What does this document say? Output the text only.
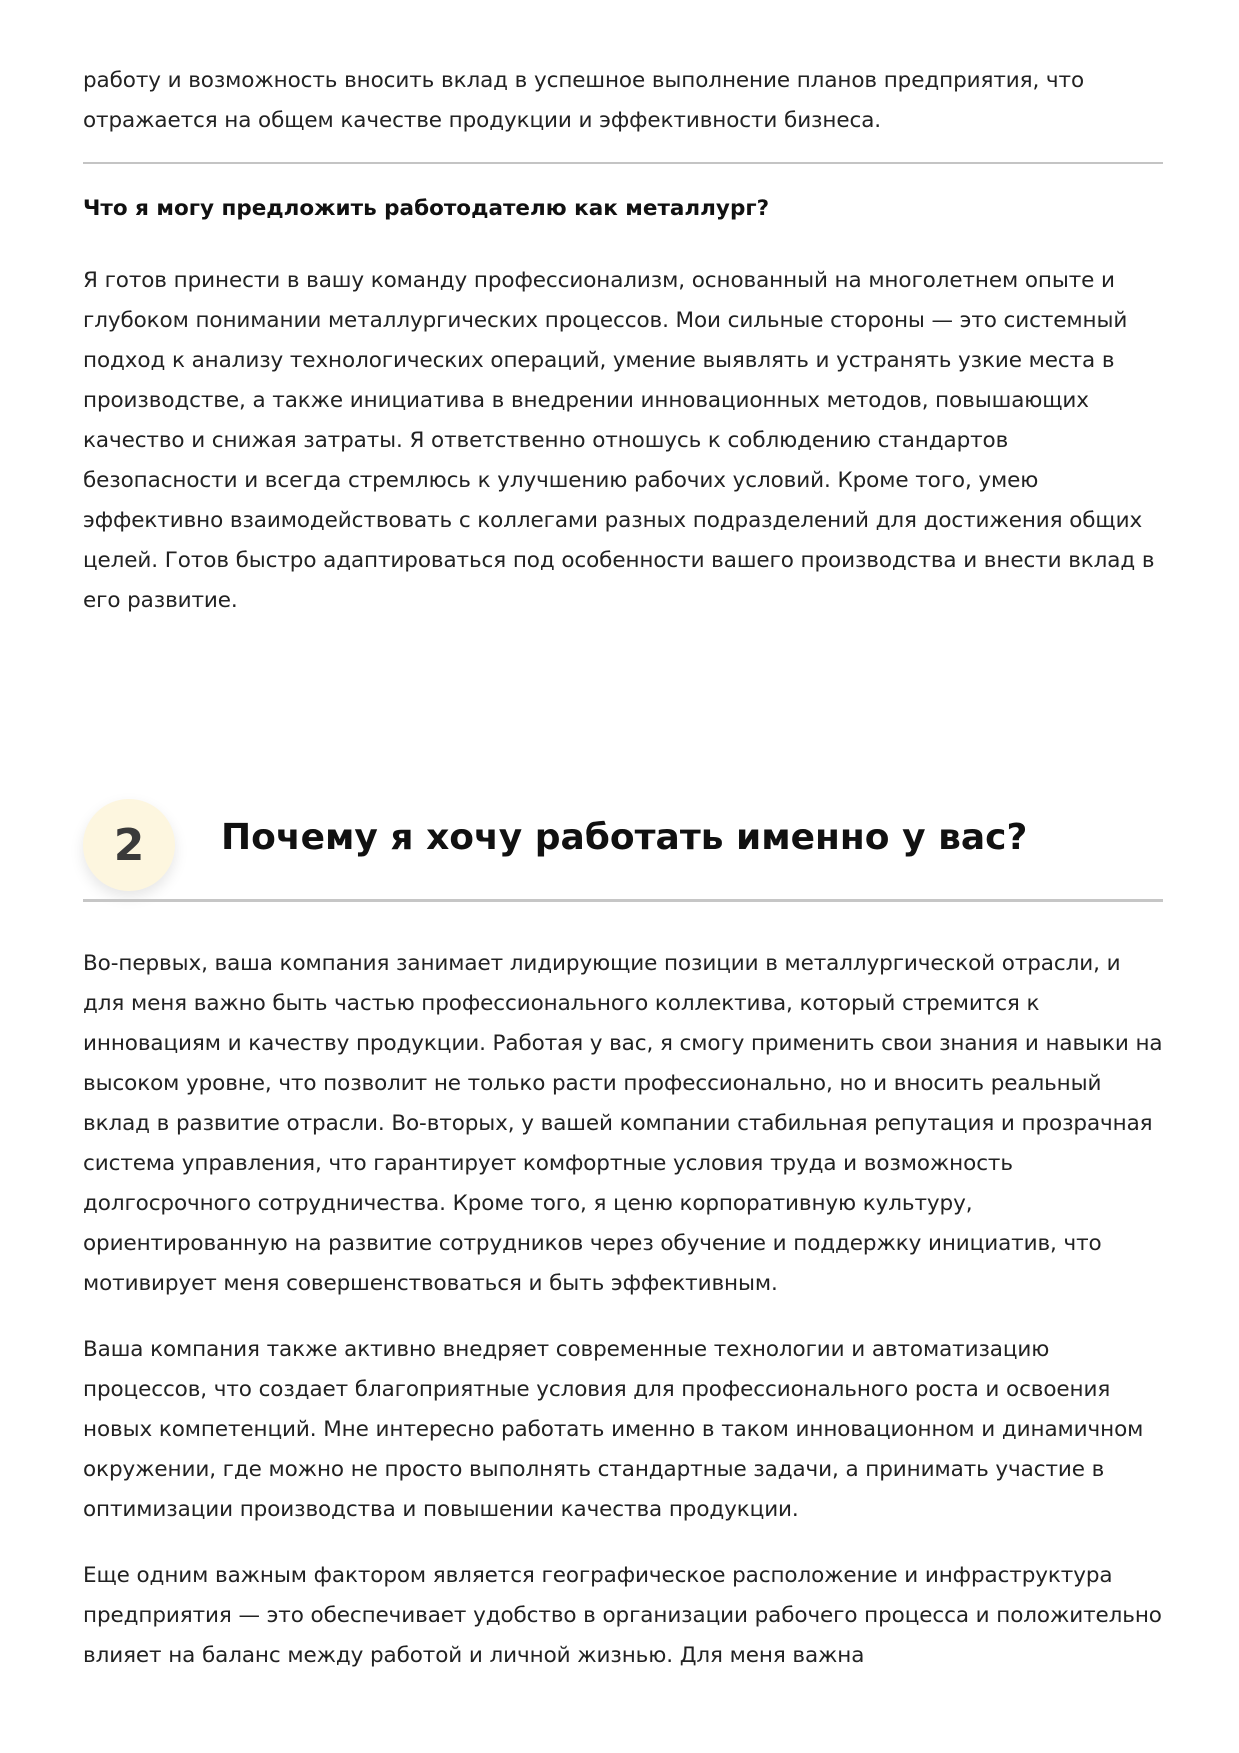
работу и возможность вносить вклад в успешное выполнение планов предприятия, что отражается на общем качестве продукции и эффективности бизнеса.

Что я могу предложить работодателю как металлург?

Я готов принести в вашу команду профессионализм, основанный на многолетнем опыте и глубоком понимании металлургических процессов. Мои сильные стороны — это системный подход к анализу технологических операций, умение выявлять и устранять узкие места в производстве, а также инициатива в внедрении инновационных методов, повышающих качество и снижая затраты. Я ответственно отношусь к соблюдению стандартов безопасности и всегда стремлюсь к улучшению рабочих условий. Кроме того, умею эффективно взаимодействовать с коллегами разных подразделений для достижения общих целей. Готов быстро адаптироваться под особенности вашего производства и внести вклад в его развитие.

2	Почему я хочу работать именно у вас?

Во-первых, ваша компания занимает лидирующие позиции в металлургической отрасли, и для меня важно быть частью профессионального коллектива, который стремится к инновациям и качеству продукции. Работая у вас, я смогу применить свои знания и навыки на высоком уровне, что позволит не только расти профессионально, но и вносить реальный вклад в развитие отрасли. Во-вторых, у вашей компании стабильная репутация и прозрачная система управления, что гарантирует комфортные условия труда и возможность долгосрочного сотрудничества. Кроме того, я ценю корпоративную культуру, ориентированную на развитие сотрудников через обучение и поддержку инициатив, что мотивирует меня совершенствоваться и быть эффективным.

Ваша компания также активно внедряет современные технологии и автоматизацию процессов, что создает благоприятные условия для профессионального роста и освоения новых компетенций. Мне интересно работать именно в таком инновационном и динамичном окружении, где можно не просто выполнять стандартные задачи, а принимать участие в оптимизации производства и повышении качества продукции.

Еще одним важным фактором является географическое расположение и инфраструктура предприятия — это обеспечивает удобство в организации рабочего процесса и положительно влияет на баланс между работой и личной жизнью. Для меня важна
